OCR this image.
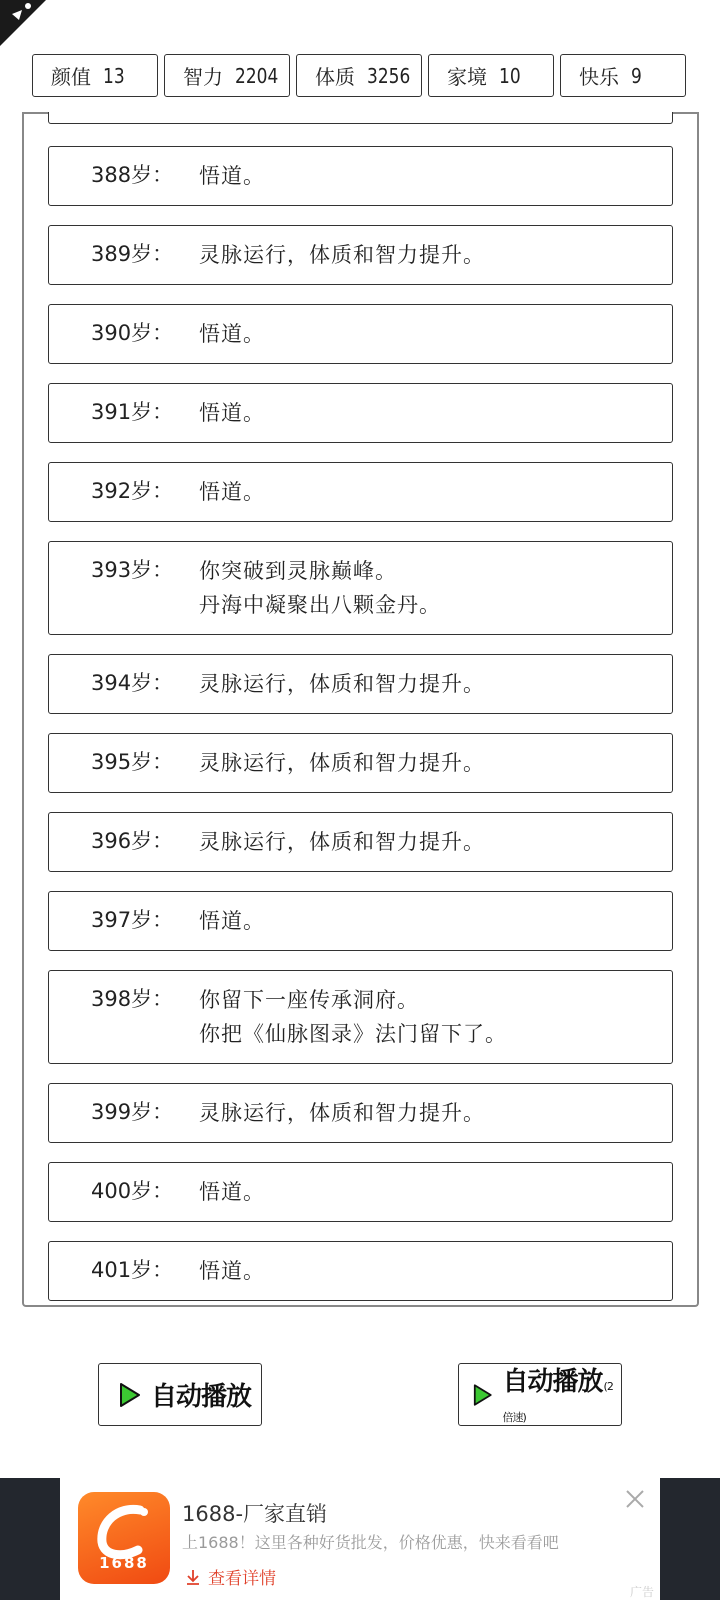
颜值 13	智力 2204 体质 3256 家境 10	快乐 9
388岁：	悟道。
389岁：	灵脉运行，体质和智力提升。
390岁：	悟道。
391岁：	悟道。
392岁：	悟道。
393岁：	你突破到灵脉巅峰。
丹海中凝聚出八颗金丹。
394岁：	灵脉运行，体质和智力提升。
395岁：	灵脉运行，体质和智力提升。
396岁：	灵脉运行，体质和智力提升。
397岁：	悟道。
398岁：	你留下一座传承洞府。
你把《仙脉图录》法门留下了。
399岁：	灵脉运行，体质和智力提升。
400岁：	悟道。
401岁：	悟道。
自动播放	自动播放(2倍速)
1688
1688-厂家直销
上1688！这里各种好货批发，价格优惠，快来看看吧
查看详情
广告
